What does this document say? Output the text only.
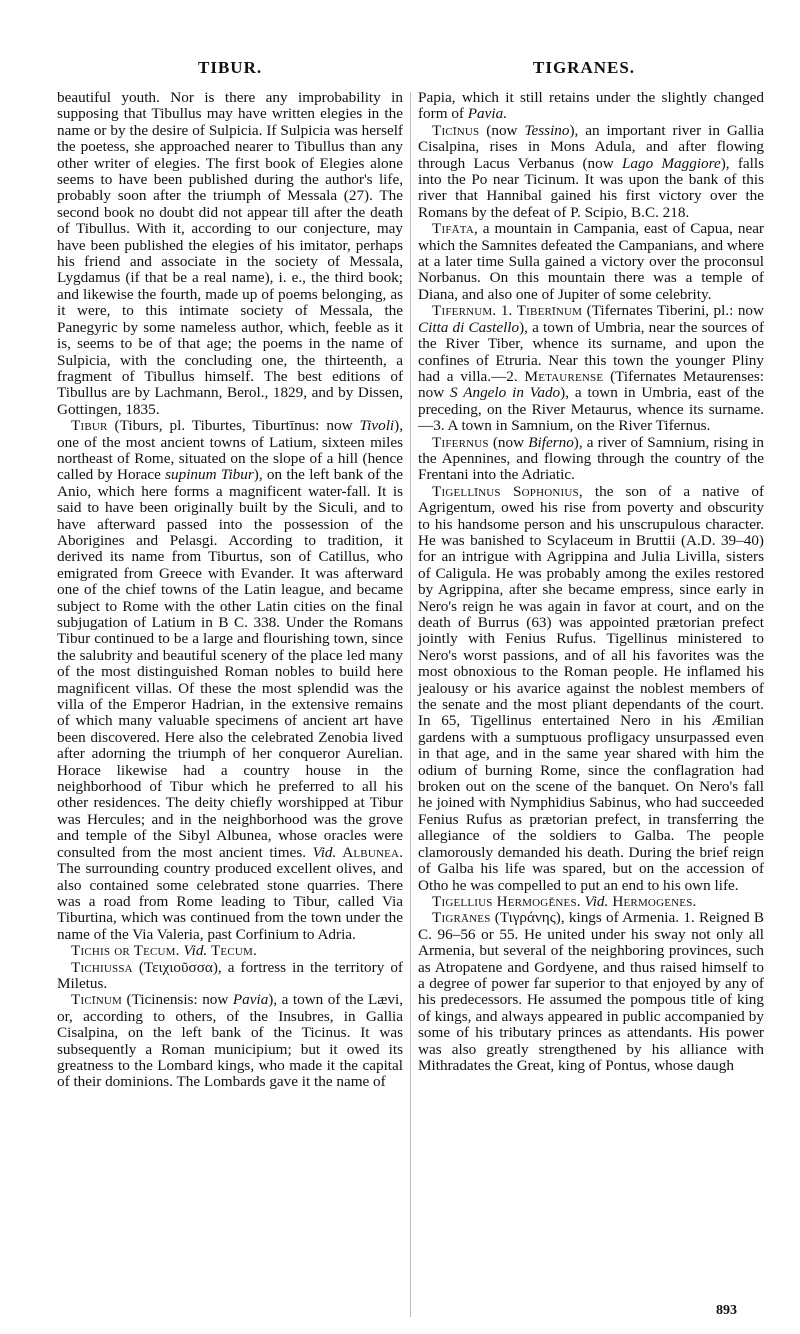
TIBUR.	TIGRANES.

beautiful youth. Nor is there any improbability in supposing that Tibullus may have written elegies in the name or by the desire of Sulpicia. If Sulpicia was herself the poetess, she approached nearer to Tibullus than any other writer of elegies. The first book of Elegies alone seems to have been published during the author's life, probably soon after the triumph of Messala (27). The second book no doubt did not appear till after the death of Tibullus. With it, according to our conjecture, may have been published the elegies of his imitator, perhaps his friend and associate in the society of Messala, Lygdamus (if that be a real name), i. e., the third book; and likewise the fourth, made up of poems belonging, as it were, to this intimate society of Messala, the Panegyric by some nameless author, which, feeble as it is, seems to be of that age; the poems in the name of Sulpicia, with the concluding one, the thirteenth, a fragment of Tibullus himself. The best editions of Tibullus are by Lachmann, Berol., 1829, and by Dissen, Gottingen, 1835.

Tibur (Tiburs, pl. Tiburtes, Tiburtīnus: now Tivoli), one of the most ancient towns of Latium, sixteen miles northeast of Rome, situated on the slope of a hill (hence called by Horace supinum Tibur), on the left bank of the Anio, which here forms a magnificent water-fall. It is said to have been originally built by the Siculi, and to have afterward passed into the possession of the Aborigines and Pelasgi. According to tradition, it derived its name from Tiburtus, son of Catillus, who emigrated from Greece with Evander. It was afterward one of the chief towns of the Latin league, and became subject to Rome with the other Latin cities on the final subjugation of Latium in B C. 338. Under the Romans Tibur continued to be a large and flourishing town, since the salubrity and beautiful scenery of the place led many of the most distinguished Roman nobles to build here magnificent villas. Of these the most splendid was the villa of the Emperor Hadrian, in the extensive remains of which many valuable specimens of ancient art have been discovered. Here also the celebrated Zenobia lived after adorning the triumph of her conqueror Aurelian. Horace likewise had a country house in the neighborhood of Tibur which he preferred to all his other residences. The deity chiefly worshipped at Tibur was Hercules; and in the neighborhood was the grove and temple of the Sibyl Albunea, whose oracles were consulted from the most ancient times. Vid. Albunea. The surrounding country produced excellent olives, and also contained some celebrated stone quarries. There was a road from Rome leading to Tibur, called Via Tiburtina, which was continued from the town under the name of the Via Valeria, past Corfinium to Adria.

Tichis or Tecum. Vid. Tecum.

Tichiussa (Τειχιοῦσσα), a fortress in the territory of Miletus.

Ticīnum (Ticinensis: now Pavia), a town of the Lævi, or, according to others, of the Insubres, in Gallia Cisalpina, on the left bank of the Ticinus. It was subsequently a Roman municipium; but it owed its greatness to the Lombard kings, who made it the capital of their dominions. The Lombards gave it the name of

Papia, which it still retains under the slightly changed form of Pavia.

Ticīnus (now Tessino), an important river in Gallia Cisalpina, rises in Mons Adula, and after flowing through Lacus Verbanus (now Lago Maggiore), falls into the Po near Ticinum. It was upon the bank of this river that Hannibal gained his first victory over the Romans by the defeat of P. Scipio, B.C. 218.

Tifāta, a mountain in Campania, east of Capua, near which the Samnites defeated the Campanians, and where at a later time Sulla gained a victory over the proconsul Norbanus. On this mountain there was a temple of Diana, and also one of Jupiter of some celebrity.

Tifernum. 1. Tiberīnum (Tifernates Tiberini, pl.: now Citta di Castello), a town of Umbria, near the sources of the River Tiber, whence its surname, and upon the confines of Etruria. Near this town the younger Pliny had a villa.—2. Metaurense (Tifernates Metaurenses: now S Angelo in Vado), a town in Umbria, east of the preceding, on the River Metaurus, whence its surname.—3. A town in Samnium, on the River Tifernus.

Tifernus (now Biferno), a river of Samnium, rising in the Apennines, and flowing through the country of the Frentani into the Adriatic.

Tigellīnus Sophonius, the son of a native of Agrigentum, owed his rise from poverty and obscurity to his handsome person and his unscrupulous character. He was banished to Scylaceum in Bruttii (A.D. 39–40) for an intrigue with Agrippina and Julia Livilla, sisters of Caligula. He was probably among the exiles restored by Agrippina, after she became empress, since early in Nero's reign he was again in favor at court, and on the death of Burrus (63) was appointed prætorian prefect jointly with Fenius Rufus. Tigellinus ministered to Nero's worst passions, and of all his favorites was the most obnoxious to the Roman people. He inflamed his jealousy or his avarice against the noblest members of the senate and the most pliant dependants of the court. In 65, Tigellinus entertained Nero in his Æmilian gardens with a sumptuous profligacy unsurpassed even in that age, and in the same year shared with him the odium of burning Rome, since the conflagration had broken out on the scene of the banquet. On Nero's fall he joined with Nymphidius Sabinus, who had succeeded Fenius Rufus as prætorian prefect, in transferring the allegiance of the soldiers to Galba. The people clamorously demanded his death. During the brief reign of Galba his life was spared, but on the accession of Otho he was compelled to put an end to his own life.

Tigellius Hermogĕnes. Vid. Hermogenes.

Tigrānes (Τιγράνης), kings of Armenia. 1. Reigned B C. 96–56 or 55. He united under his sway not only all Armenia, but several of the neighboring provinces, such as Atropatene and Gordyene, and thus raised himself to a degree of power far superior to that enjoyed by any of his predecessors. He assumed the pompous title of king of kings, and always appeared in public accompanied by some of his tributary princes as attendants. His power was also greatly strengthened by his alliance with Mithradates the Great, king of Pontus, whose daugh

893
